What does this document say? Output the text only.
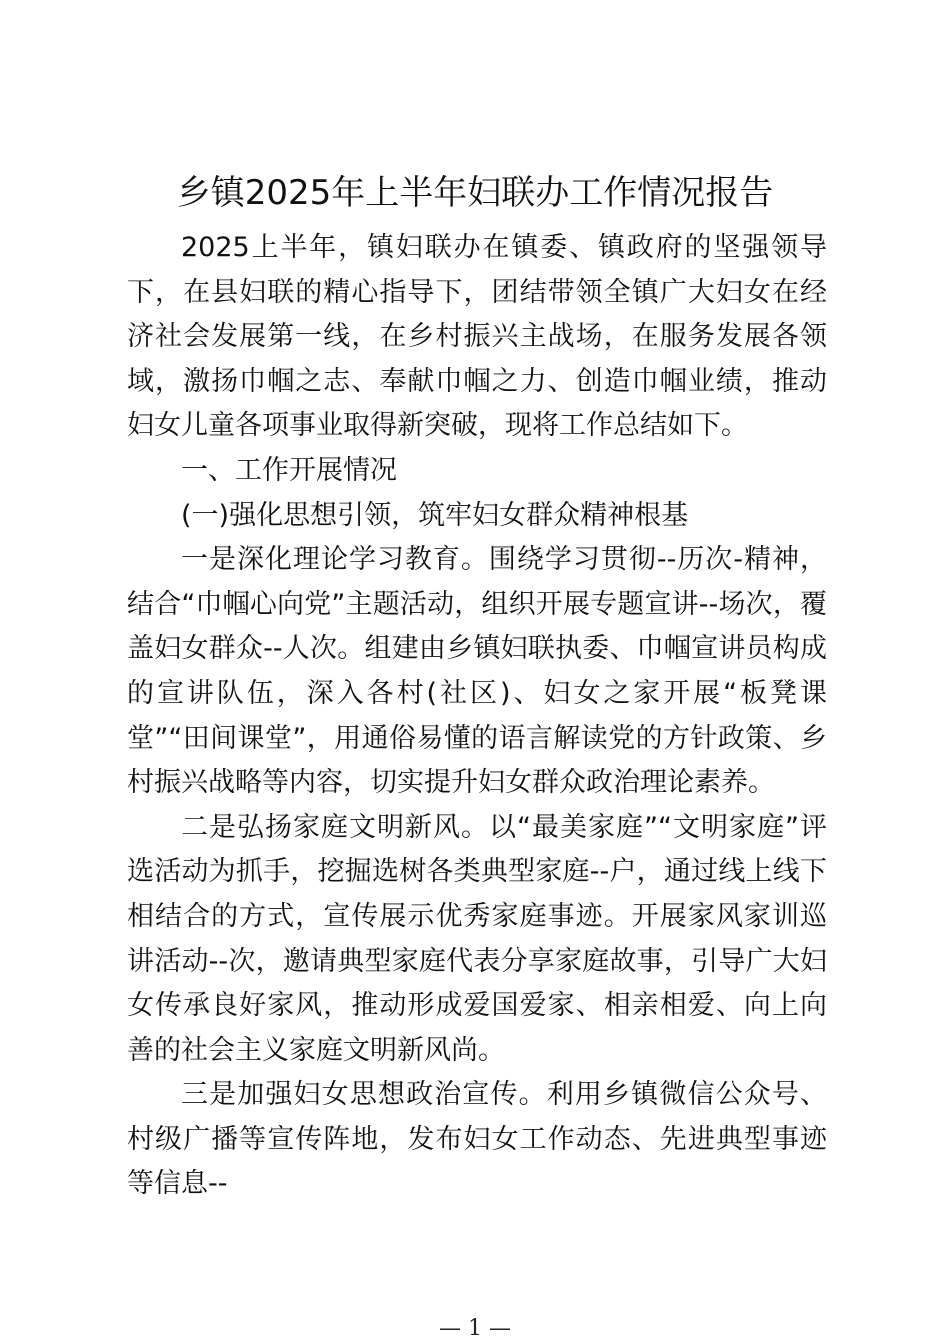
乡镇2025年上半年妇联办工作情况报告

2025上半年，镇妇联办在镇委、镇政府的坚强领导下，在县妇联的精心指导下，团结带领全镇广大妇女在经济社会发展第一线，在乡村振兴主战场，在服务发展各领域，激扬巾帼之志、奉献巾帼之力、创造巾帼业绩，推动妇女儿童各项事业取得新突破，现将工作总结如下。

一、工作开展情况

(一)强化思想引领，筑牢妇女群众精神根基

一是深化理论学习教育。围绕学习贯彻--历次-精神，结合“巾帼心向党”主题活动，组织开展专题宣讲--场次，覆盖妇女群众--人次。组建由乡镇妇联执委、巾帼宣讲员构成的宣讲队伍，深入各村(社区)、妇女之家开展“板凳课堂”“田间课堂”，用通俗易懂的语言解读党的方针政策、乡村振兴战略等内容，切实提升妇女群众政治理论素养。

二是弘扬家庭文明新风。以“最美家庭”“文明家庭”评选活动为抓手，挖掘选树各类典型家庭--户，通过线上线下相结合的方式，宣传展示优秀家庭事迹。开展家风家训巡讲活动--次，邀请典型家庭代表分享家庭故事，引导广大妇女传承良好家风，推动形成爱国爱家、相亲相爱、向上向善的社会主义家庭文明新风尚。

三是加强妇女思想政治宣传。利用乡镇微信公众号、村级广播等宣传阵地，发布妇女工作动态、先进典型事迹等信息--

— 1 —
